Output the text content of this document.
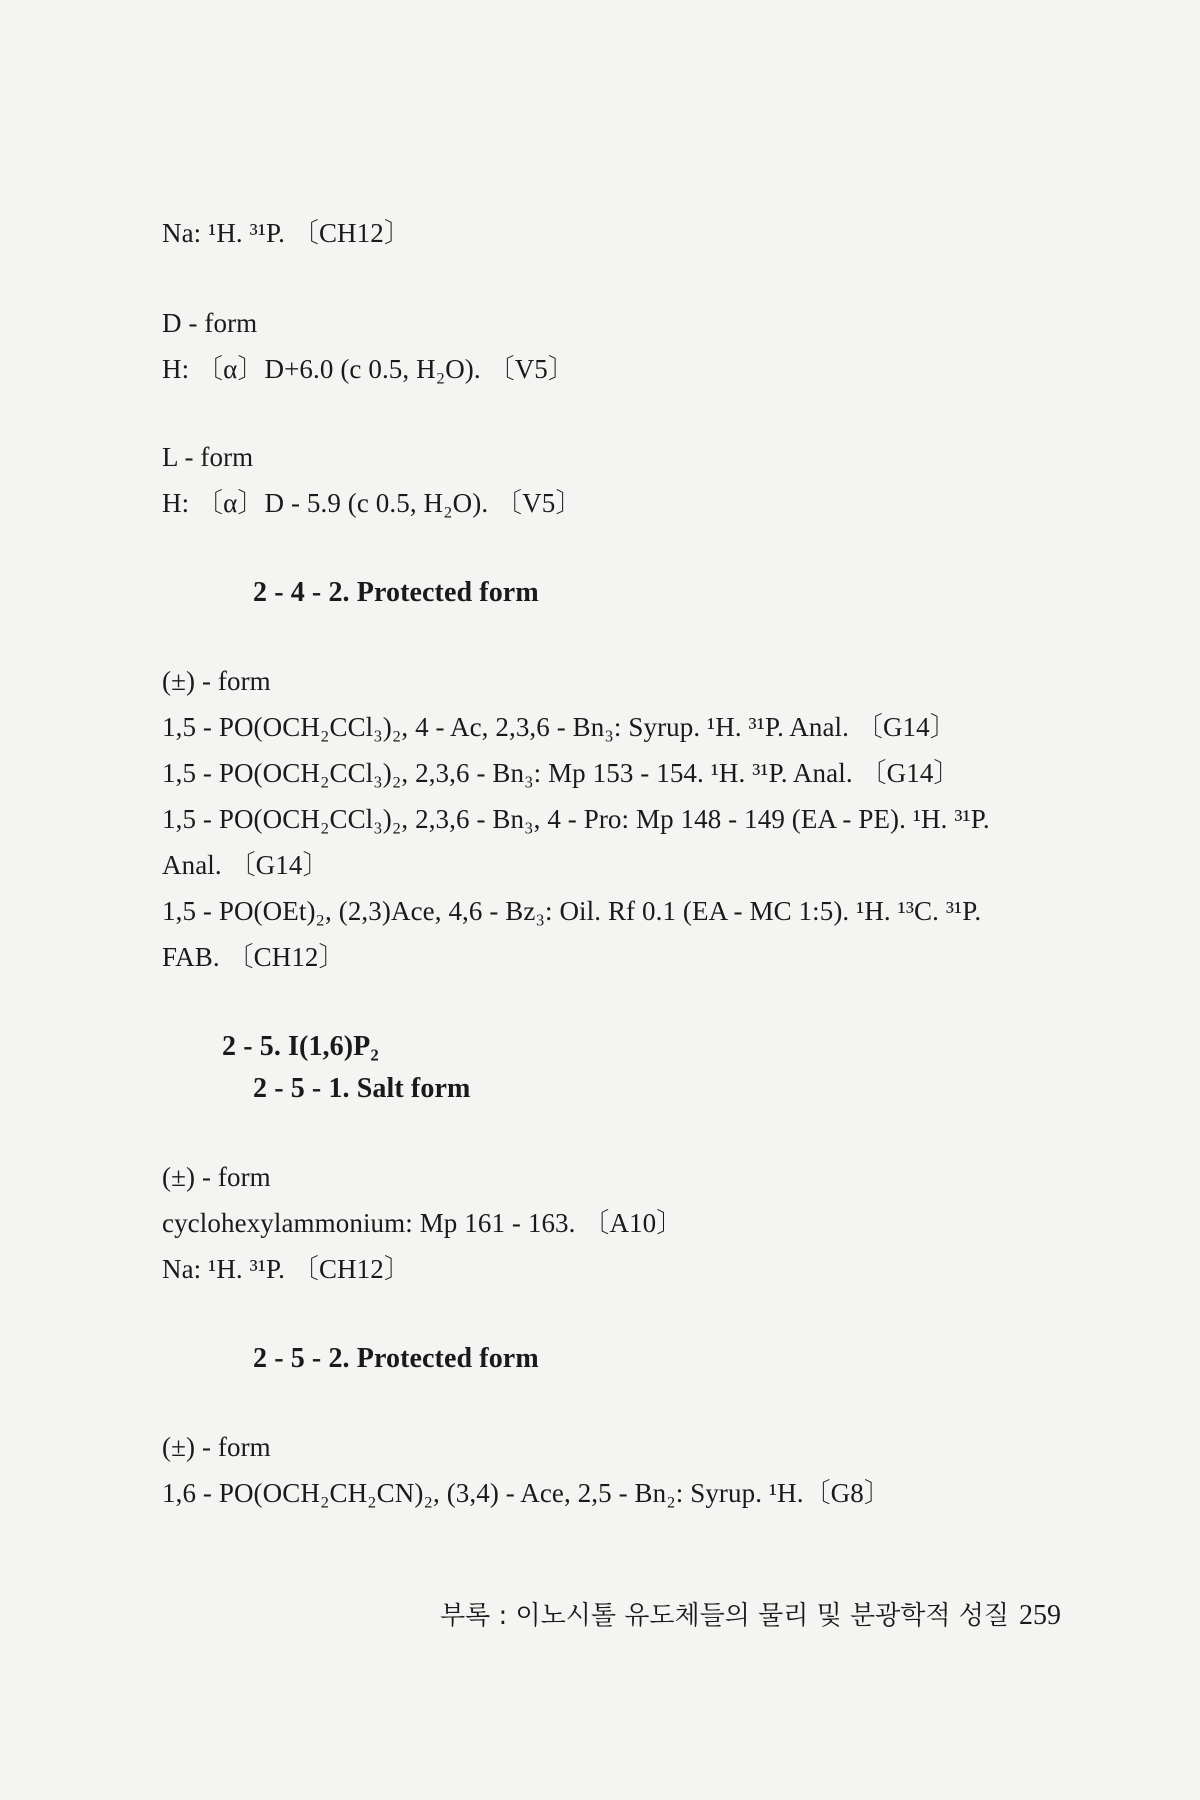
Na: ¹H. ³¹P. 〔CH12〕
D - form
H: 〔α〕D+6.0 (c 0.5, H₂O). 〔V5〕
L - form
H: 〔α〕D - 5.9 (c 0.5, H₂O). 〔V5〕
2 - 4 - 2. Protected form
(±) - form
1,5 - PO(OCH₂CCl₃)₂, 4 - Ac, 2,3,6 - Bn₃: Syrup. ¹H. ³¹P. Anal. 〔G14〕
1,5 - PO(OCH₂CCl₃)₂, 2,3,6 - Bn₃: Mp 153 - 154. ¹H. ³¹P. Anal. 〔G14〕
1,5 - PO(OCH₂CCl₃)₂, 2,3,6 - Bn₃, 4 - Pro: Mp 148 - 149 (EA - PE). ¹H. ³¹P.
Anal. 〔G14〕
1,5 - PO(OEt)₂, (2,3)Ace, 4,6 - Bz₃: Oil. Rf 0.1 (EA - MC 1:5). ¹H. ¹³C. ³¹P.
FAB. 〔CH12〕
2 - 5. I(1,6)P₂
2 - 5 - 1. Salt form
(±) - form
cyclohexylammonium: Mp 161 - 163. 〔A10〕
Na: ¹H. ³¹P. 〔CH12〕
2 - 5 - 2. Protected form
(±) - form
1,6 - PO(OCH₂CH₂CN)₂, (3,4) - Ace, 2,5 - Bn₂: Syrup. ¹H.〔G8〕
부록 : 이노시톨 유도체들의 물리 및 분광학적 성질 259
